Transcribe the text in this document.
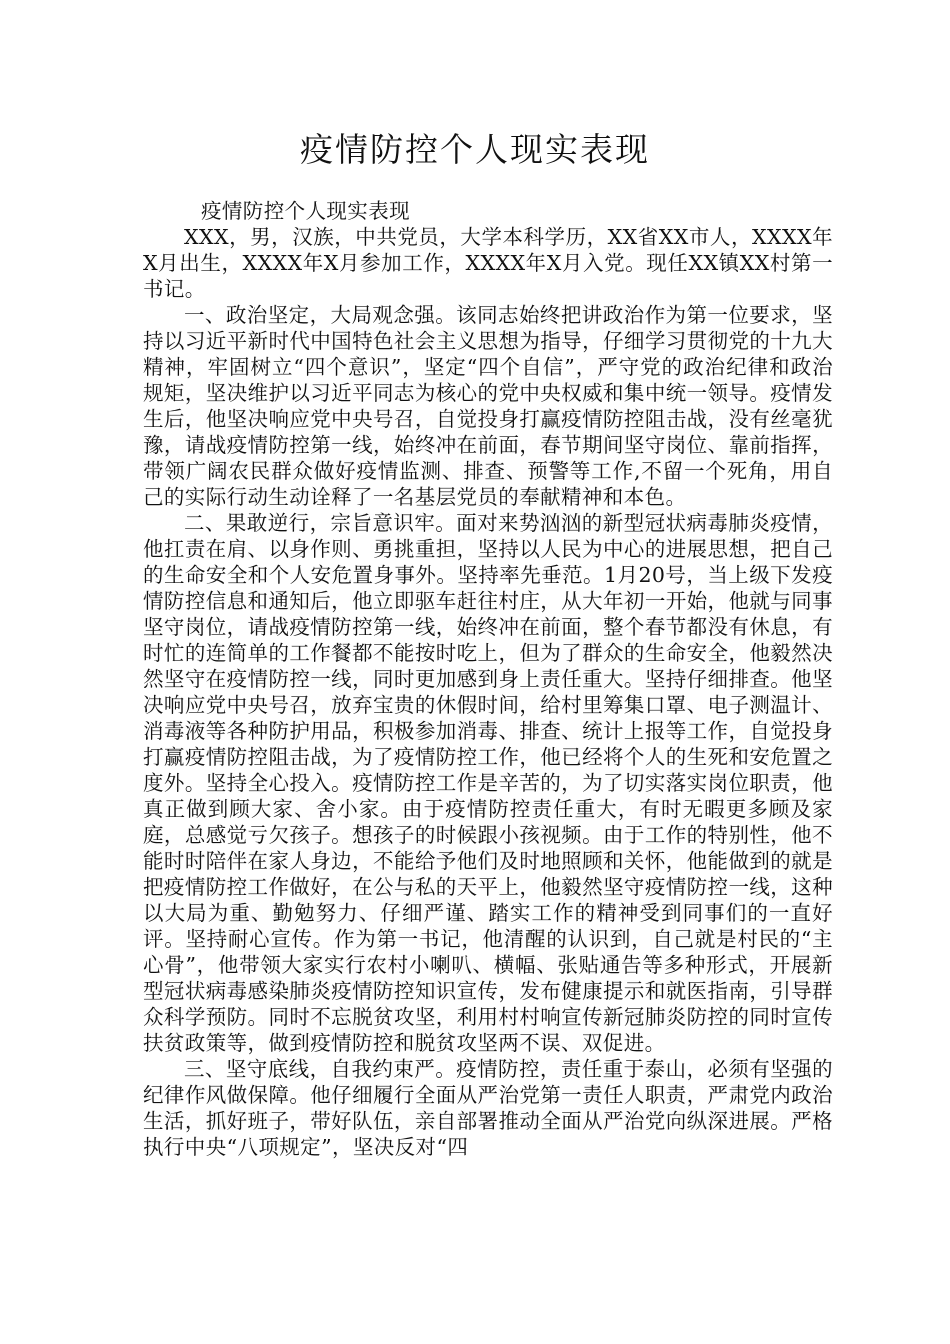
疫情防控个人现实表现

疫情防控个人现实表现

XXX，男，汉族，中共党员，大学本科学历，XX省XX市人，XXXX年X月出生，XXXX年X月参加工作，XXXX年X月入党。现任XX镇XX村第一书记。

一、政治坚定，大局观念强。该同志始终把讲政治作为第一位要求，坚持以习近平新时代中国特色社会主义思想为指导，仔细学习贯彻党的十九大精神，牢固树立“四个意识”，坚定“四个自信”，严守党的政治纪律和政治规矩，坚决维护以习近平同志为核心的党中央权威和集中统一领导。疫情发生后，他坚决响应党中央号召，自觉投身打赢疫情防控阻击战，没有丝毫犹豫，请战疫情防控第一线，始终冲在前面，春节期间坚守岗位、靠前指挥，带领广阔农民群众做好疫情监测、排查、预警等工作,不留一个死角，用自己的实际行动生动诠释了一名基层党员的奉献精神和本色。

二、果敢逆行，宗旨意识牢。面对来势汹汹的新型冠状病毒肺炎疫情，他扛责在肩、以身作则、勇挑重担，坚持以人民为中心的进展思想，把自己的生命安全和个人安危置身事外。坚持率先垂范。1月20号，当上级下发疫情防控信息和通知后，他立即驱车赶往村庄，从大年初一开始，他就与同事坚守岗位，请战疫情防控第一线，始终冲在前面，整个春节都没有休息，有时忙的连简单的工作餐都不能按时吃上，但为了群众的生命安全，他毅然决然坚守在疫情防控一线，同时更加感到身上责任重大。坚持仔细排查。他坚决响应党中央号召，放弃宝贵的休假时间，给村里筹集口罩、电子测温计、消毒液等各种防护用品，积极参加消毒、排查、统计上报等工作，自觉投身打赢疫情防控阻击战，为了疫情防控工作，他已经将个人的生死和安危置之度外。坚持全心投入。疫情防控工作是辛苦的，为了切实落实岗位职责，他真正做到顾大家、舍小家。由于疫情防控责任重大，有时无暇更多顾及家庭，总感觉亏欠孩子。想孩子的时候跟小孩视频。由于工作的特别性，他不能时时陪伴在家人身边，不能给予他们及时地照顾和关怀，他能做到的就是把疫情防控工作做好，在公与私的天平上，他毅然坚守疫情防控一线，这种以大局为重、勤勉努力、仔细严谨、踏实工作的精神受到同事们的一直好评。坚持耐心宣传。作为第一书记，他清醒的认识到，自己就是村民的“主心骨”，他带领大家实行农村小喇叭、横幅、张贴通告等多种形式，开展新型冠状病毒感染肺炎疫情防控知识宣传，发布健康提示和就医指南，引导群众科学预防。同时不忘脱贫攻坚，利用村村响宣传新冠肺炎防控的同时宣传扶贫政策等，做到疫情防控和脱贫攻坚两不误、双促进。

三、坚守底线，自我约束严。疫情防控，责任重于泰山，必须有坚强的纪律作风做保障。他仔细履行全面从严治党第一责任人职责，严肃党内政治生活，抓好班子，带好队伍，亲自部署推动全面从严治党向纵深进展。严格执行中央“八项规定”，坚决反对“四
